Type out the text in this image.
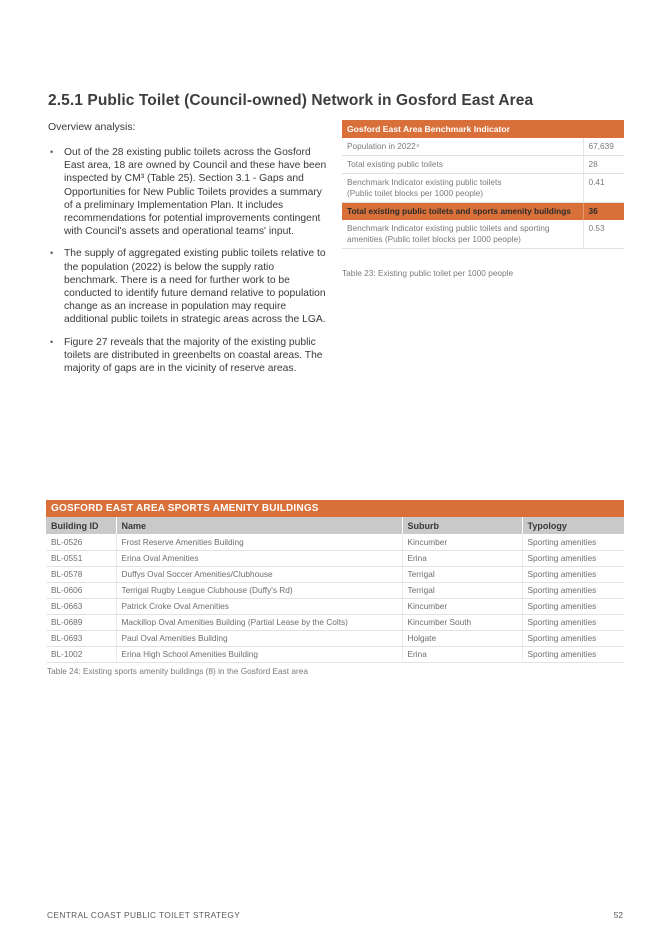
2.5.1 Public Toilet (Council-owned) Network in Gosford East Area
Overview analysis:
• Out of the 28 existing public toilets across the Gosford East area, 18 are owned by Council and these have been inspected by CM³ (Table 25). Section 3.1 - Gaps and Opportunities for New Public Toilets provides a summary of a preliminary Implementation Plan. It includes recommendations for potential improvements contingent with Council's assets and operational teams' input.
• The supply of aggregated existing public toilets relative to the population (2022) is below the supply ratio benchmark. There is a need for further work to be conducted to identify future demand relative to population change as an increase in population may require additional public toilets in strategic areas across the LGA.
• Figure 27 reveals that the majority of the existing public toilets are distributed in greenbelts on coastal areas. The majority of gaps are in the vicinity of reserve areas.
Gosford East Area Benchmark Indicator	
Population in 2022⁴	67,639
Total existing public toilets	28
Benchmark Indicator existing public toilets
(Public toilet blocks per 1000 people)	0.41
Total existing public toilets and sports amenity buildings	36
Benchmark Indicator existing public toilets and sporting amenities (Public toilet blocks per 1000 people)	0.53
Table 23: Existing public toilet per 1000 people
GOSFORD EAST AREA SPORTS AMENITY BUILDINGS			
Building ID	Name	Suburb	Typology
BL-0526	Frost Reserve Amenities Building	Kincumber	Sporting amenities
BL-0551	Erina Oval Amenities	Erina	Sporting amenities
BL-0578	Duffys Oval Soccer Amenities/Clubhouse	Terrigal	Sporting amenities
BL-0606	Terrigal Rugby League Clubhouse (Duffy's Rd)	Terrigal	Sporting amenities
BL-0663	Patrick Croke Oval Amenities	Kincumber	Sporting amenities
BL-0689	Mackillop Oval Amenities Building (Partial Lease by the Colts)	Kincumber South	Sporting amenities
BL-0693	Paul Oval Amenities Building	Holgate	Sporting amenities
BL-1002	Erina High School Amenities Building	Erina	Sporting amenities
Table 24: Existing sports amenity buildings (8) in the Gosford East area
CENTRAL COAST PUBLIC TOILET STRATEGY	52
